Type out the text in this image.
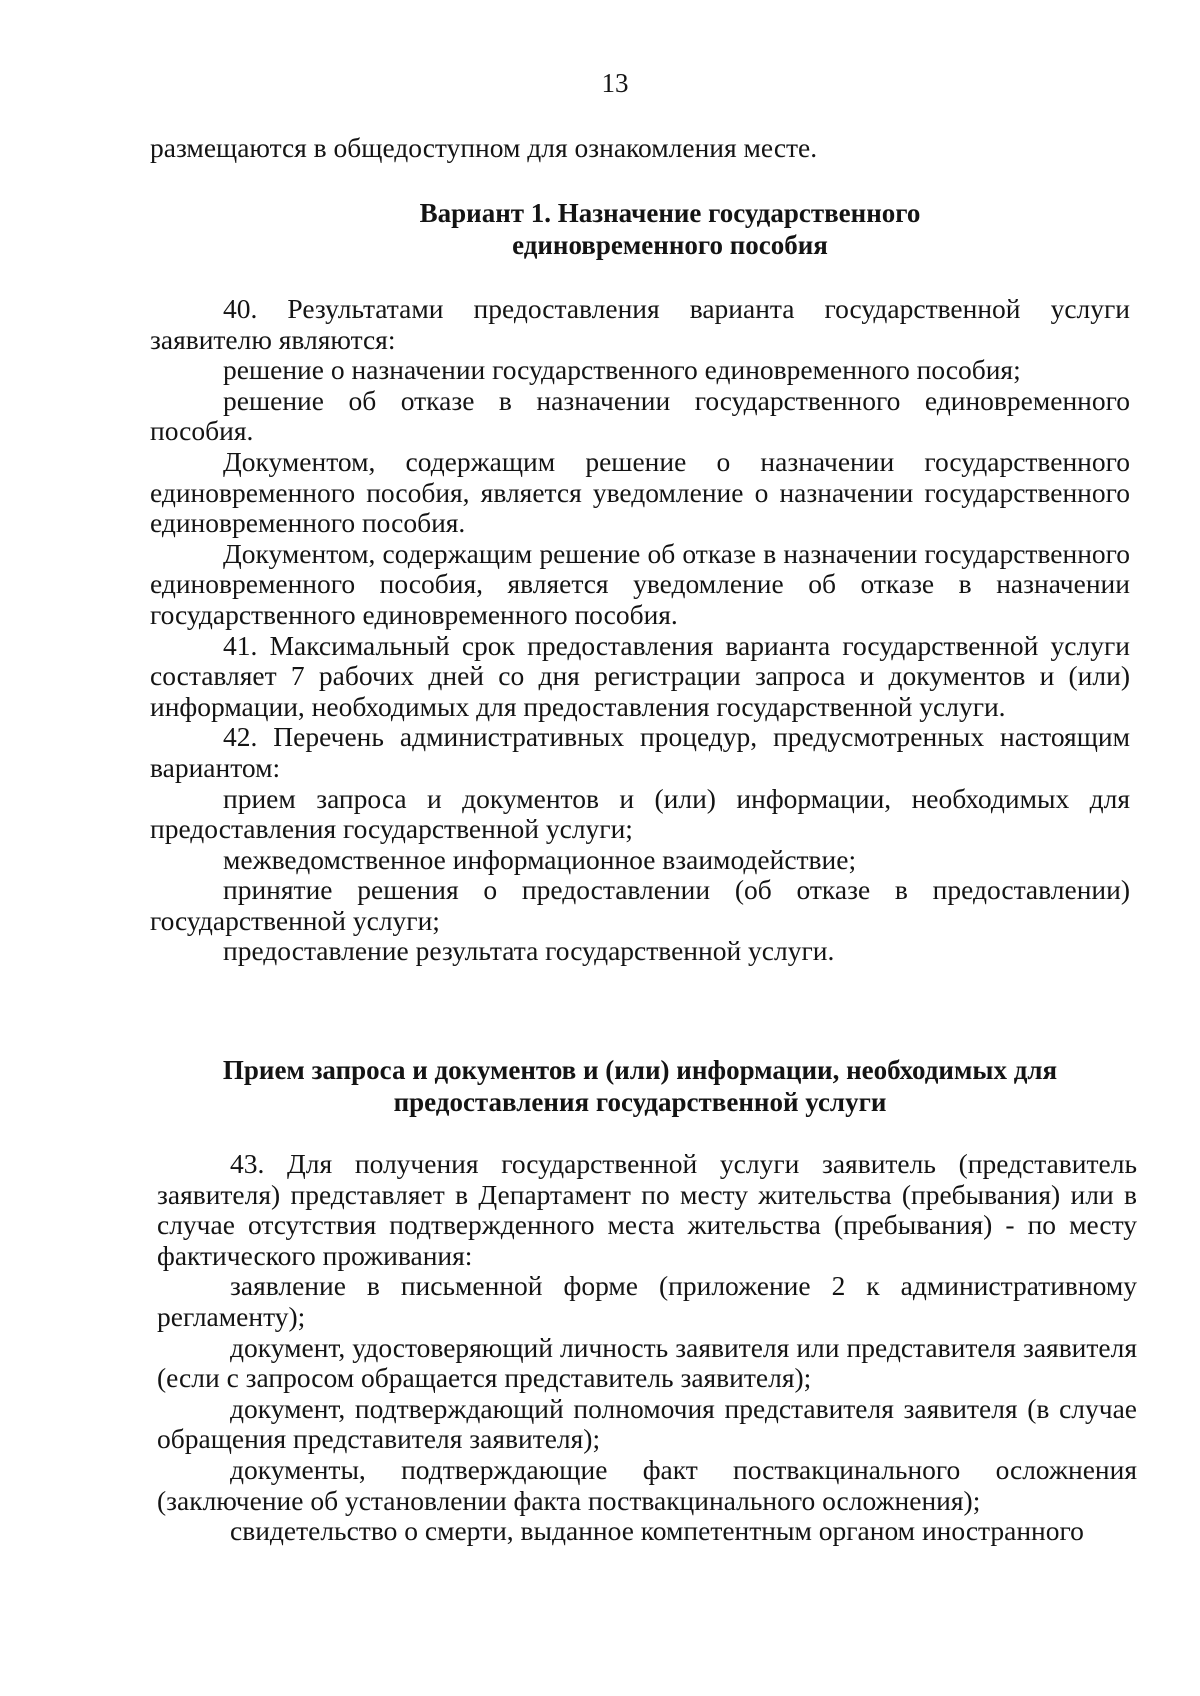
13

размещаются в общедоступном для ознакомления месте.

Вариант 1. Назначение государственного
единовременного пособия

40. Результатами предоставления варианта государственной услуги заявителю являются:

решение о назначении государственного единовременного пособия;

решение об отказе в назначении государственного единовременного пособия.

Документом, содержащим решение о назначении государственного единовременного пособия, является уведомление о назначении государственного единовременного пособия.

Документом, содержащим решение об отказе в назначении государственного единовременного пособия, является уведомление об отказе в назначении государственного единовременного пособия.

41. Максимальный срок предоставления варианта государственной услуги составляет 7 рабочих дней со дня регистрации запроса и документов и (или) информации, необходимых для предоставления государственной услуги.

42. Перечень административных процедур, предусмотренных настоящим вариантом:

прием запроса и документов и (или) информации, необходимых для предоставления государственной услуги;

межведомственное информационное взаимодействие;

принятие решения о предоставлении (об отказе в предоставлении) государственной услуги;

предоставление результата государственной услуги.

Прием запроса и документов и (или) информации, необходимых для
предоставления государственной услуги

43. Для получения государственной услуги заявитель (представитель заявителя) представляет в Департамент по месту жительства (пребывания) или в случае отсутствия подтвержденного места жительства (пребывания) - по месту фактического проживания:

заявление в письменной форме (приложение 2 к административному регламенту);

документ, удостоверяющий личность заявителя или представителя заявителя (если с запросом обращается представитель заявителя);

документ, подтверждающий полномочия представителя заявителя (в случае обращения представителя заявителя);

документы, подтверждающие факт поствакцинального осложнения (заключение об установлении факта поствакцинального осложнения);

свидетельство о смерти, выданное компетентным органом иностранного
